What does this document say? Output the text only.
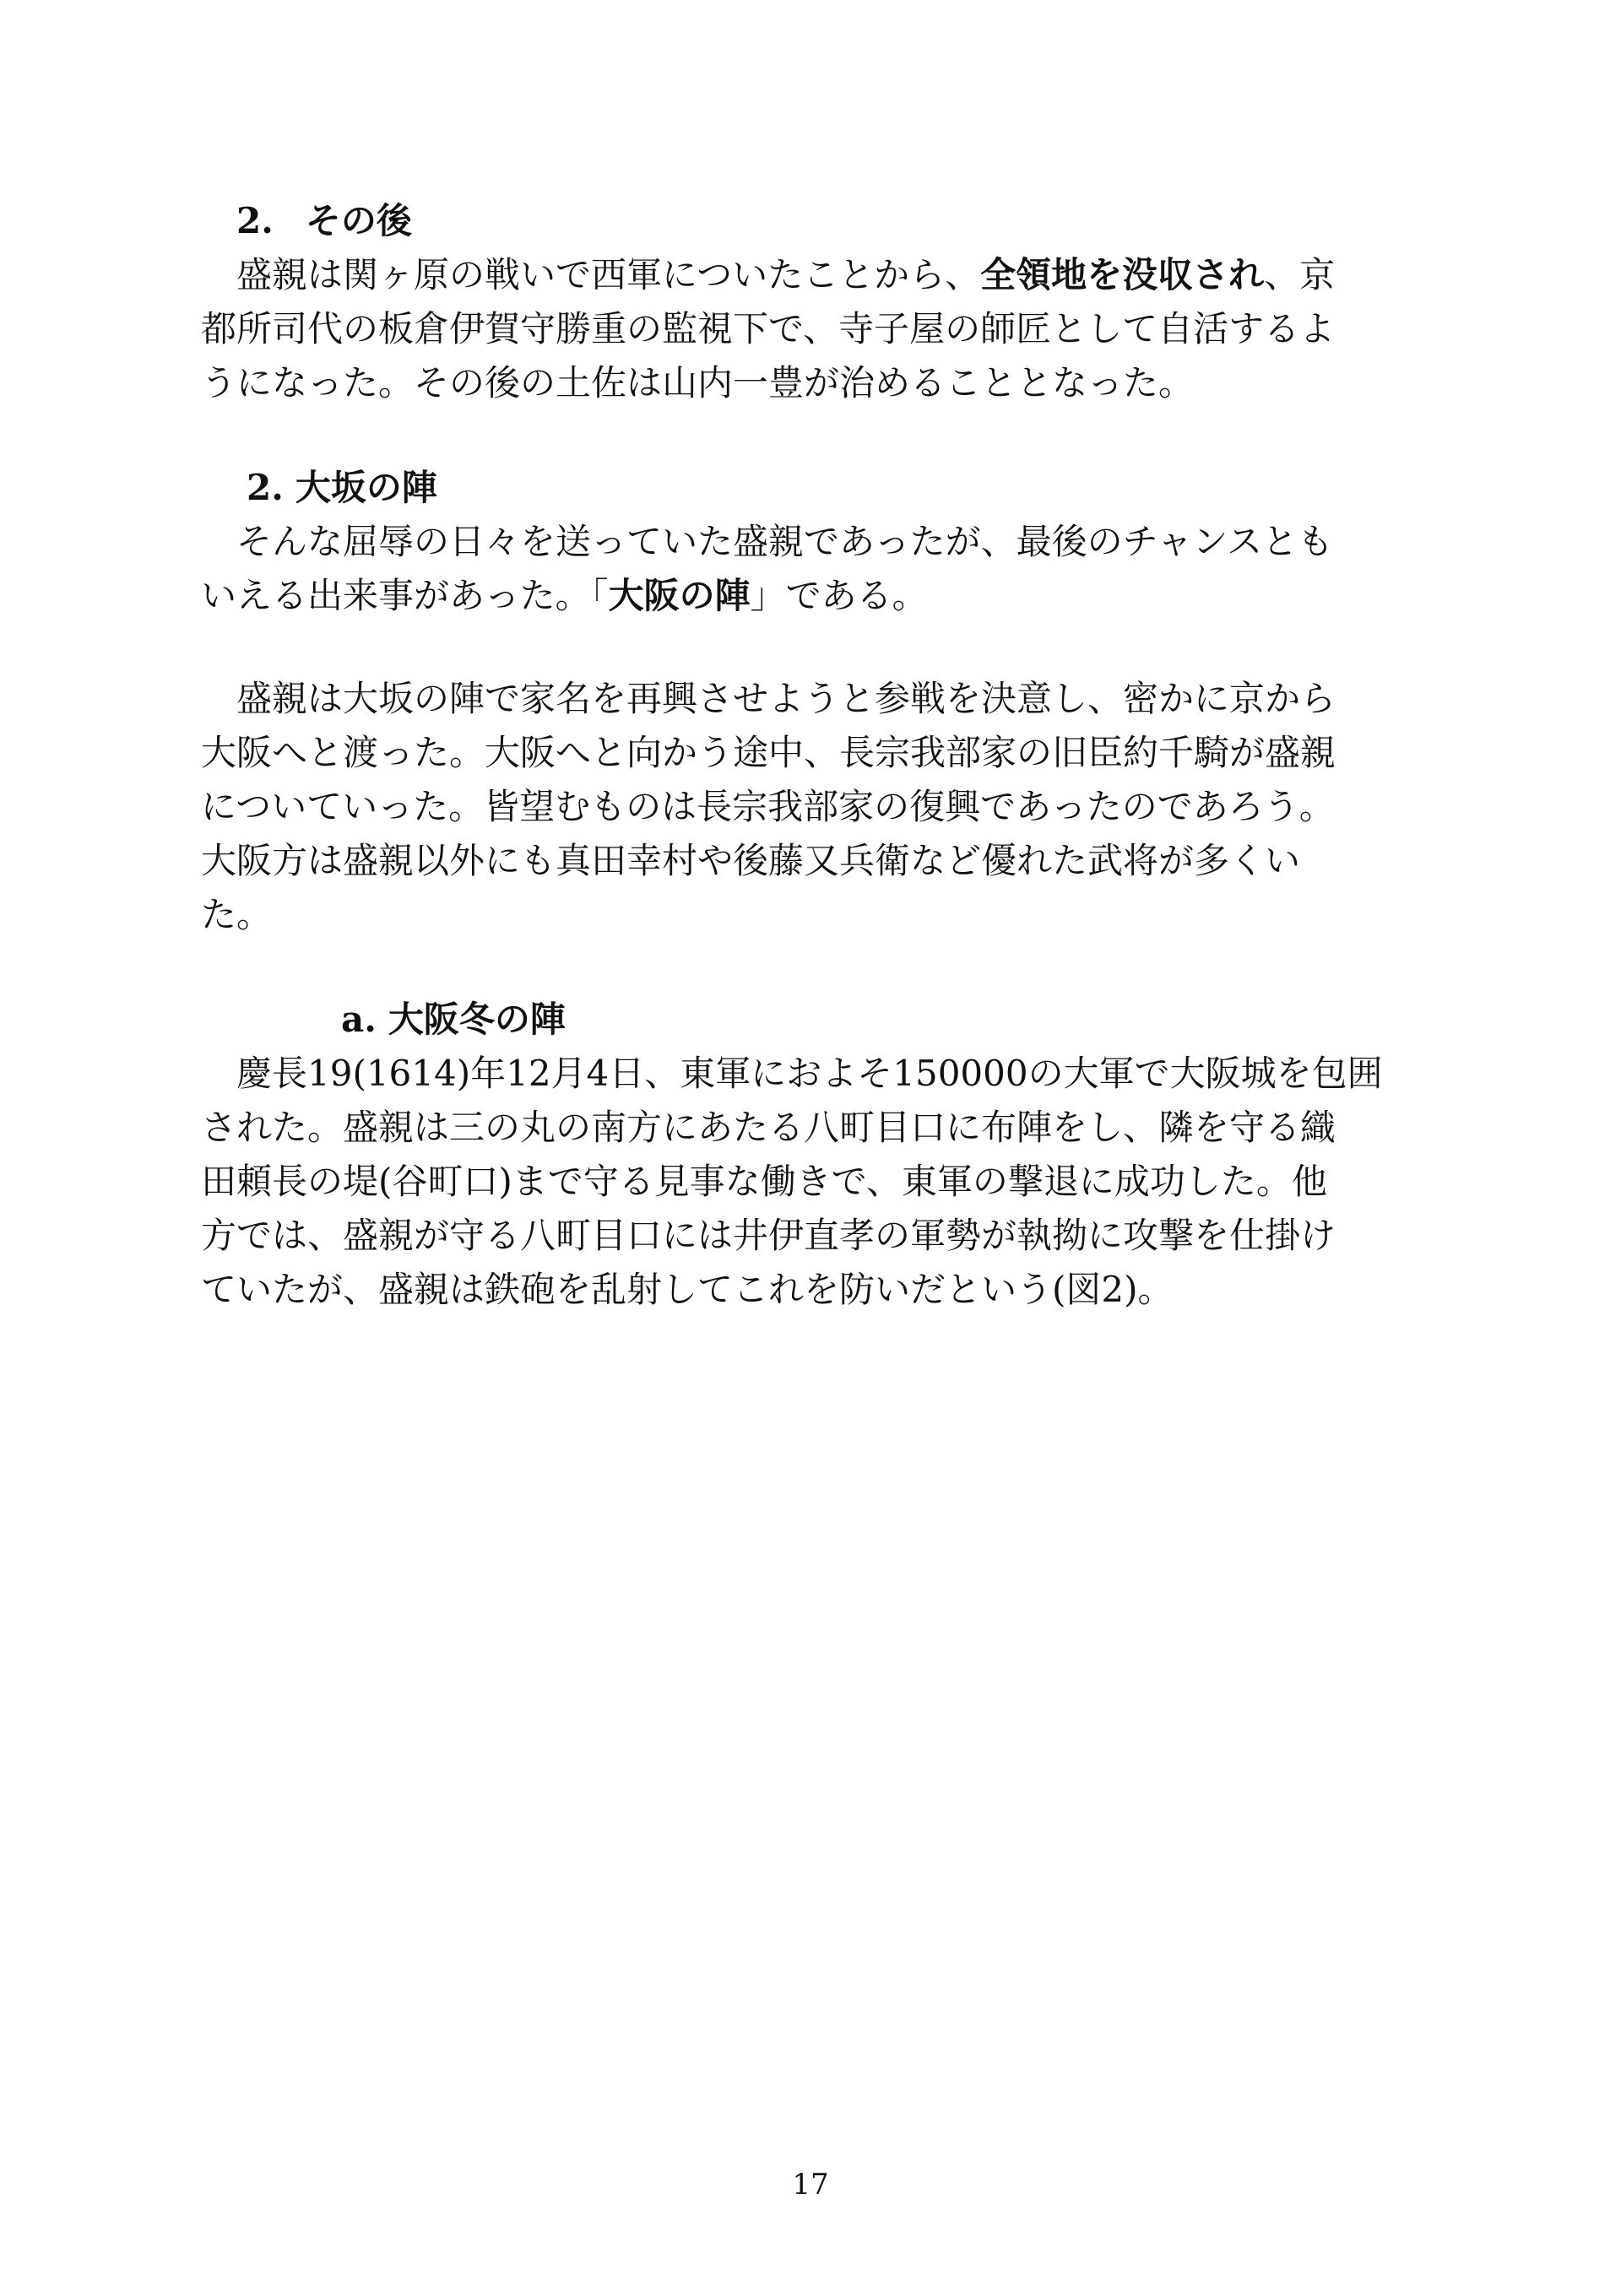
2. その後

盛親は関ヶ原の戦いで西軍についたことから、全領地を没収され、京
都所司代の板倉伊賀守勝重の監視下で、寺子屋の師匠として自活するよ
うになった。その後の土佐は山内一豊が治めることとなった。

2. 大坂の陣

そんな屈辱の日々を送っていた盛親であったが、最後のチャンスとも
いえる出来事があった。「大阪の陣」である。

盛親は大坂の陣で家名を再興させようと参戦を決意し、密かに京から
大阪へと渡った。大阪へと向かう途中、長宗我部家の旧臣約千騎が盛親
についていった。皆望むものは長宗我部家の復興であったのであろう。
大阪方は盛親以外にも真田幸村や後藤又兵衛など優れた武将が多くい
た。

a. 大阪冬の陣

慶長19(1614)年12月4日、東軍におよそ150000の大軍で大阪城を包囲
された。盛親は三の丸の南方にあたる八町目口に布陣をし、隣を守る織
田頼長の堤(谷町口)まで守る見事な働きで、東軍の撃退に成功した。他
方では、盛親が守る八町目口には井伊直孝の軍勢が執拗に攻撃を仕掛け
ていたが、盛親は鉄砲を乱射してこれを防いだという(図2)。

17
